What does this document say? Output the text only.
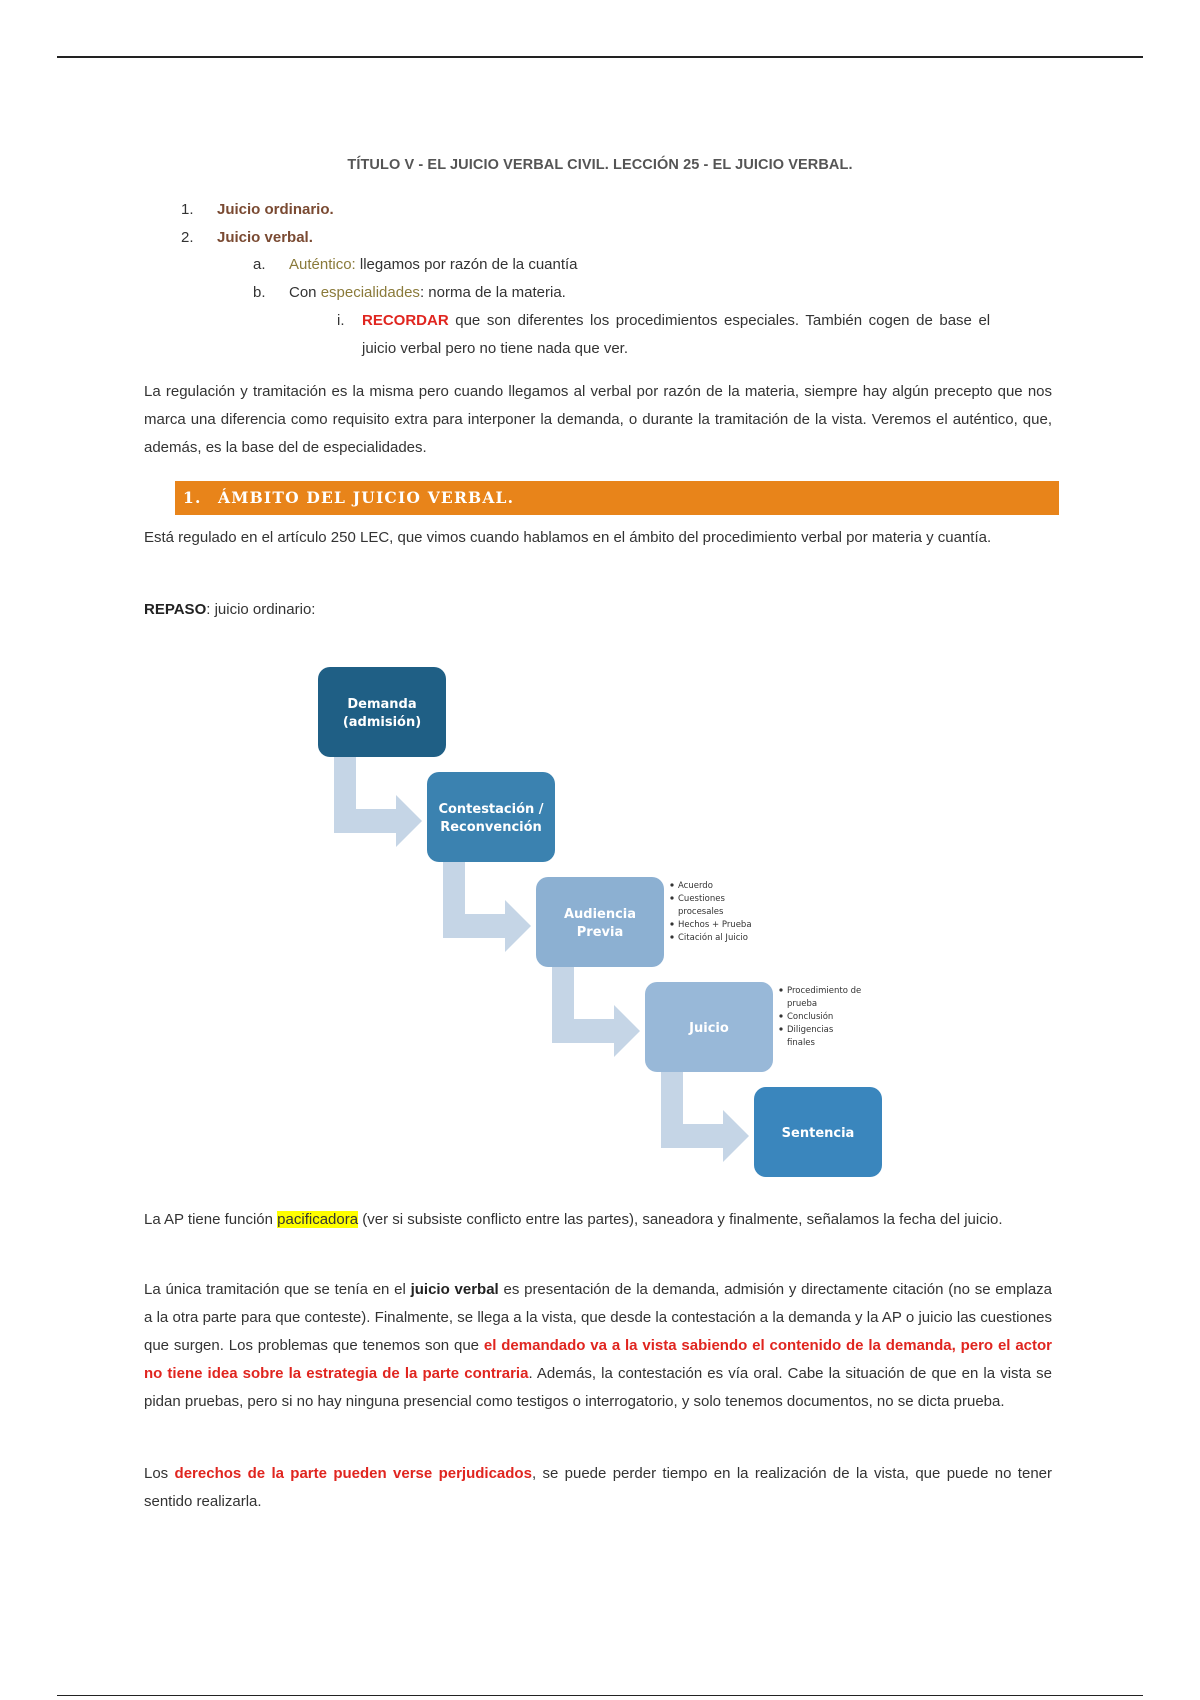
TÍTULO V - EL JUICIO VERBAL CIVIL. LECCIÓN 25 - EL JUICIO VERBAL.
1. Juicio ordinario.
2. Juicio verbal.
a. Auténtico: llegamos por razón de la cuantía
b. Con especialidades: norma de la materia.
i. RECORDAR que son diferentes los procedimientos especiales. También cogen de base el
juicio verbal pero no tiene nada que ver.
La regulación y tramitación es la misma pero cuando llegamos al verbal por razón de la materia, siempre hay algún precepto que nos marca una diferencia como requisito extra para interponer la demanda, o durante la tramitación de la vista. Veremos el auténtico, que, además, es la base del de especialidades.
1. ÁMBITO DEL JUICIO VERBAL.
Está regulado en el artículo 250 LEC, que vimos cuando hablamos en el ámbito del procedimiento verbal por materia y cuantía.
REPASO: juicio ordinario:
Demanda
(admisión)
Contestación /
Reconvención
Audiencia
Previa
Juicio
Sentencia
Acuerdo
Cuestiones
procesales
Hechos + Prueba
Citación al Juicio
Procedimiento de
prueba
Conclusión
Diligencias
finales
La AP tiene función pacificadora (ver si subsiste conflicto entre las partes), saneadora y finalmente, señalamos la fecha del juicio.
La única tramitación que se tenía en el juicio verbal es presentación de la demanda, admisión y directamente citación (no se emplaza a la otra parte para que conteste). Finalmente, se llega a la vista, que desde la contestación a la demanda y la AP o juicio las cuestiones que surgen. Los problemas que tenemos son que el demandado va a la vista sabiendo el contenido de la demanda, pero el actor no tiene idea sobre la estrategia de la parte contraria. Además, la contestación es vía oral. Cabe la situación de que en la vista se pidan pruebas, pero si no hay ninguna presencial como testigos o interrogatorio, y solo tenemos documentos, no se dicta prueba.
Los derechos de la parte pueden verse perjudicados, se puede perder tiempo en la realización de la vista, que puede no tener sentido realizarla.
